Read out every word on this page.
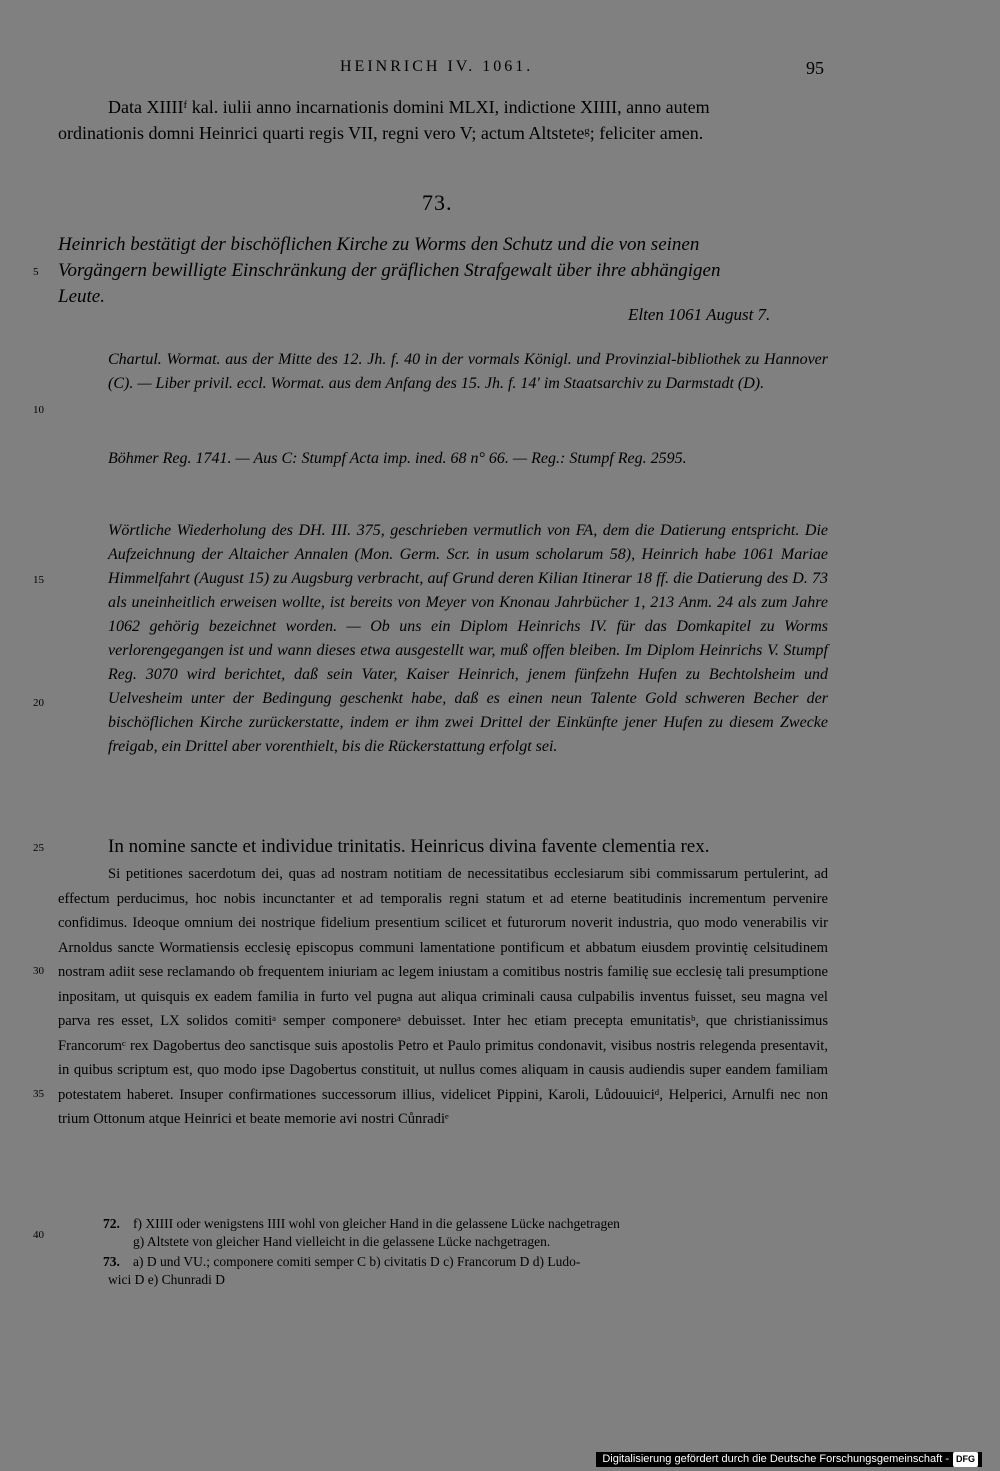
HEINRICH IV. 1061.	95
Data XIIIIᶠ kal. iulii anno incarnationis domini MLXI, indictione XIIII, anno autem
ordinationis domni Heinrici quarti regis VII, regni vero V; actum Altsteteᵍ; feliciter amen.
73.
Heinrich bestätigt der bischöflichen Kirche zu Worms den Schutz und die von seinen
Vorgängern bewilligte Einschränkung der gräflichen Strafgewalt über ihre abhängigen
Leute.
Elten 1061 August 7.
Chartul. Wormat. aus der Mitte des 12. Jh. f. 40 in der vormals Königl. und Provinzial-bibliothek zu Hannover (C). — Liber privil. eccl. Wormat. aus dem Anfang des 15. Jh. f. 14' im Staatsarchiv zu Darmstadt (D).
Böhmer Reg. 1741. — Aus C: Stumpf Acta imp. ined. 68 n° 66. — Reg.: Stumpf Reg. 2595.
Wörtliche Wiederholung des DH. III. 375, geschrieben vermutlich von FA, dem die Datierung entspricht. Die Aufzeichnung der Altaicher Annalen (Mon. Germ. Scr. in usum scholarum 58), Heinrich habe 1061 Mariae Himmelfahrt (August 15) zu Augsburg verbracht, auf Grund deren Kilian Itinerar 18 ff. die Datierung des D. 73 als uneinheitlich erweisen wollte, ist bereits von Meyer von Knonau Jahrbücher 1, 213 Anm. 24 als zum Jahre 1062 gehörig bezeichnet worden. — Ob uns ein Diplom Heinrichs IV. für das Domkapitel zu Worms verlorengegangen ist und wann dieses etwa ausgestellt war, muß offen bleiben. Im Diplom Heinrichs V. Stumpf Reg. 3070 wird berichtet, daß sein Vater, Kaiser Heinrich, jenem fünfzehn Hufen zu Bechtolsheim und Uelvesheim unter der Bedingung geschenkt habe, daß es einen neun Talente Gold schweren Becher der bischöflichen Kirche zurückerstatte, indem er ihm zwei Drittel der Einkünfte jener Hufen zu diesem Zwecke freigab, ein Drittel aber vorenthielt, bis die Rückerstattung erfolgt sei.
In nomine sancte et individue trinitatis. Heinricus divina favente clementia rex.
Si petitiones sacerdotum dei, quas ad nostram notitiam de necessitatibus ecclesiarum sibi commissarum pertulerint, ad effectum perducimus, hoc nobis incunctanter et ad temporalis regni statum et ad eterne beatitudinis incrementum pervenire confidimus. Ideoque omnium dei nostrique fidelium presentium scilicet et futurorum noverit industria, quo modo venerabilis vir Arnoldus sancte Wormatiensis ecclesię episcopus communi lamentatione pontificum et abbatum eiusdem provintię celsitudinem nostram adiit sese reclamando ob frequentem iniuriam ac legem iniustam a comitibus nostris familię sue ecclesię tali presumptione inpositam, ut quisquis ex eadem familia in furto vel pugna aut aliqua criminali causa culpabilis inventus fuisset, seu magna vel parva res esset, LX solidos comitiᵃ semper componereᵃ debuisset. Inter hec etiam precepta emunitatisᵇ, que christianissimus Francorumᶜ rex Dagobertus deo sanctisque suis apostolis Petro et Paulo primitus condonavit, visibus nostris relegenda presentavit, in quibus scriptum est, quo modo ipse Dagobertus constituit, ut nullus comes aliquam in causis audiendis super eandem familiam potestatem haberet. Insuper confirmationes successorum illius, videlicet Pippini, Karoli, Lůdouuiciᵈ, Helperici, Arnulfi nec non trium Ottonum atque Heinrici et beate memorie avi nostri Cůnradiᵉ
5
10
15
20
25
30
35
40
72. f) XIIII oder wenigstens IIII wohl von gleicher Hand in die gelassene Lücke nachgetragen
g) Altstete von gleicher Hand vielleicht in die gelassene Lücke nachgetragen.
73. a) D und VU.; componere comiti semper C b) civitatis D c) Francorum D d) Ludo-
wici D e) Chunradi D
Digitalisierung gefördert durch die Deutsche Forschungsgemeinschaft - DFG
